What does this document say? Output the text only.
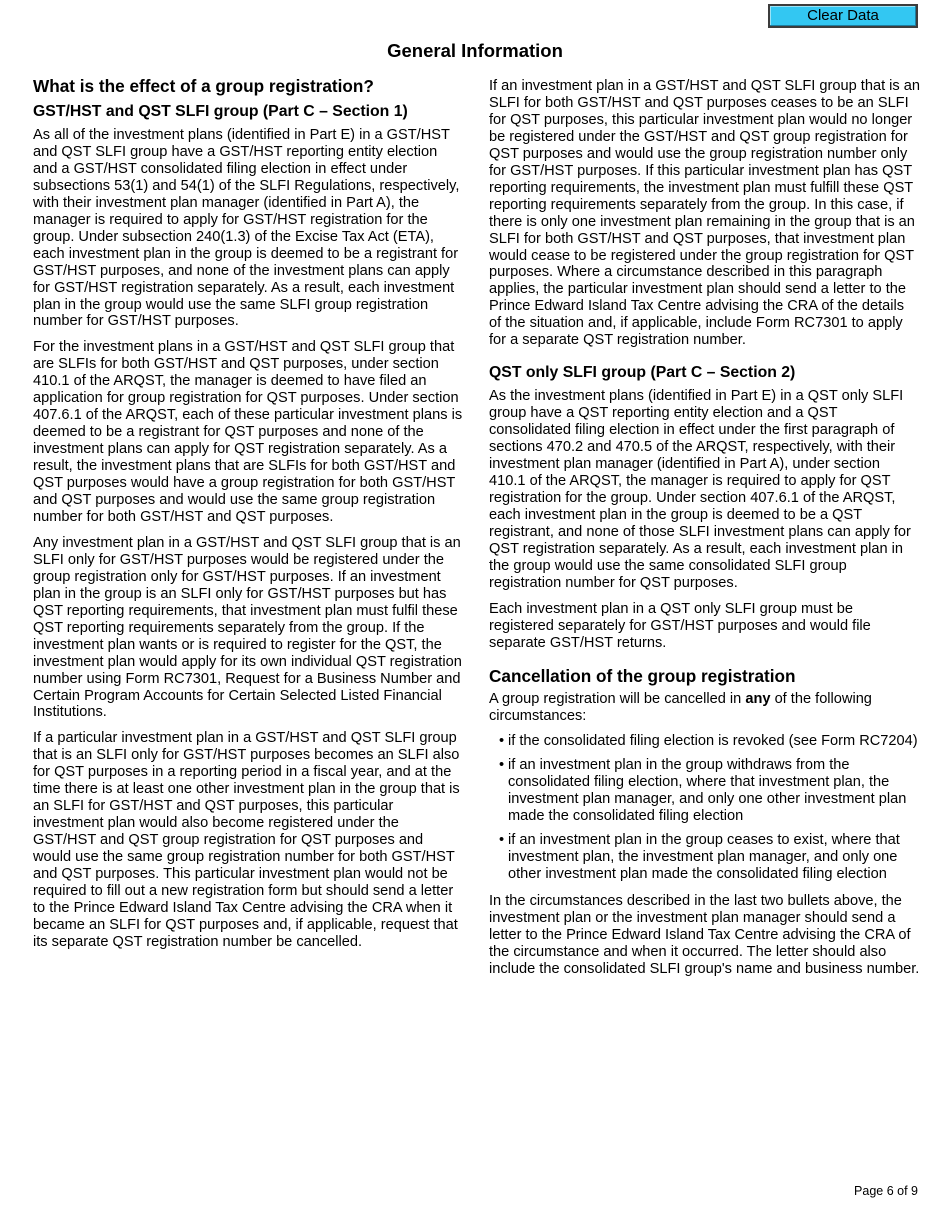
Clear Data
General Information
What is the effect of a group registration?
GST/HST and QST SLFI group (Part C – Section 1)

As all of the investment plans (identified in Part E) in a GST/HST and QST SLFI group have a GST/HST reporting entity election and a GST/HST consolidated filing election in effect under subsections 53(1) and 54(1) of the SLFI Regulations, respectively, with their investment plan manager (identified in Part A), the manager is required to apply for GST/HST registration for the group. Under subsection 240(1.3) of the Excise Tax Act (ETA), each investment plan in the group is deemed to be a registrant for GST/HST purposes, and none of the investment plans can apply for GST/HST registration separately. As a result, each investment plan in the group would use the same SLFI group registration number for GST/HST purposes.

For the investment plans in a GST/HST and QST SLFI group that are SLFIs for both GST/HST and QST purposes, under section 410.1 of the ARQST, the manager is deemed to have filed an application for group registration for QST purposes. Under section 407.6.1 of the ARQST, each of these particular investment plans is deemed to be a registrant for QST purposes and none of the investment plans can apply for QST registration separately. As a result, the investment plans that are SLFIs for both GST/HST and QST purposes would have a group registration for both GST/HST and QST purposes and would use the same group registration number for both GST/HST and QST purposes.

Any investment plan in a GST/HST and QST SLFI group that is an SLFI only for GST/HST purposes would be registered under the group registration only for GST/HST purposes. If an investment plan in the group is an SLFI only for GST/HST purposes but has QST reporting requirements, that investment plan must fulfil these QST reporting requirements separately from the group. If the investment plan wants or is required to register for the QST, the investment plan would apply for its own individual QST registration number using Form RC7301, Request for a Business Number and Certain Program Accounts for Certain Selected Listed Financial Institutions.

If a particular investment plan in a GST/HST and QST SLFI group that is an SLFI only for GST/HST purposes becomes an SLFI also for QST purposes in a reporting period in a fiscal year, and at the time there is at least one other investment plan in the group that is an SLFI for GST/HST and QST purposes, this particular investment plan would also become registered under the GST/HST and QST group registration for QST purposes and would use the same group registration number for both GST/HST and QST purposes. This particular investment plan would not be required to fill out a new registration form but should send a letter to the Prince Edward Island Tax Centre advising the CRA when it became an SLFI for QST purposes and, if applicable, request that its separate QST registration number be cancelled.

If an investment plan in a GST/HST and QST SLFI group that is an SLFI for both GST/HST and QST purposes ceases to be an SLFI for QST purposes, this particular investment plan would no longer be registered under the GST/HST and QST group registration for QST purposes and would use the group registration number only for GST/HST purposes. If this particular investment plan has QST reporting requirements, the investment plan must fulfill these QST reporting requirements separately from the group. In this case, if there is only one investment plan remaining in the group that is an SLFI for both GST/HST and QST purposes, that investment plan would cease to be registered under the group registration for QST purposes. Where a circumstance described in this paragraph applies, the particular investment plan should send a letter to the Prince Edward Island Tax Centre advising the CRA of the details of the situation and, if applicable, include Form RC7301 to apply for a separate QST registration number.

QST only SLFI group (Part C – Section 2)

As the investment plans (identified in Part E) in a QST only SLFI group have a QST reporting entity election and a QST consolidated filing election in effect under the first paragraph of sections 470.2 and 470.5 of the ARQST, respectively, with their investment plan manager (identified in Part A), under section 410.1 of the ARQST, the manager is required to apply for QST registration for the group. Under section 407.6.1 of the ARQST, each investment plan in the group is deemed to be a QST registrant, and none of those SLFI investment plans can apply for QST registration separately. As a result, each investment plan in the group would use the same consolidated SLFI group registration number for QST purposes.

Each investment plan in a QST only SLFI group must be registered separately for GST/HST purposes and would file separate GST/HST returns.

Cancellation of the group registration

A group registration will be cancelled in any of the following circumstances:

• if the consolidated filing election is revoked (see Form RC7204)
• if an investment plan in the group withdraws from the consolidated filing election, where that investment plan, the investment plan manager, and only one other investment plan made the consolidated filing election
• if an investment plan in the group ceases to exist, where that investment plan, the investment plan manager, and only one other investment plan made the consolidated filing election

In the circumstances described in the last two bullets above, the investment plan or the investment plan manager should send a letter to the Prince Edward Island Tax Centre advising the CRA of the circumstance and when it occurred. The letter should also include the consolidated SLFI group's name and business number.

Page 6 of 9
